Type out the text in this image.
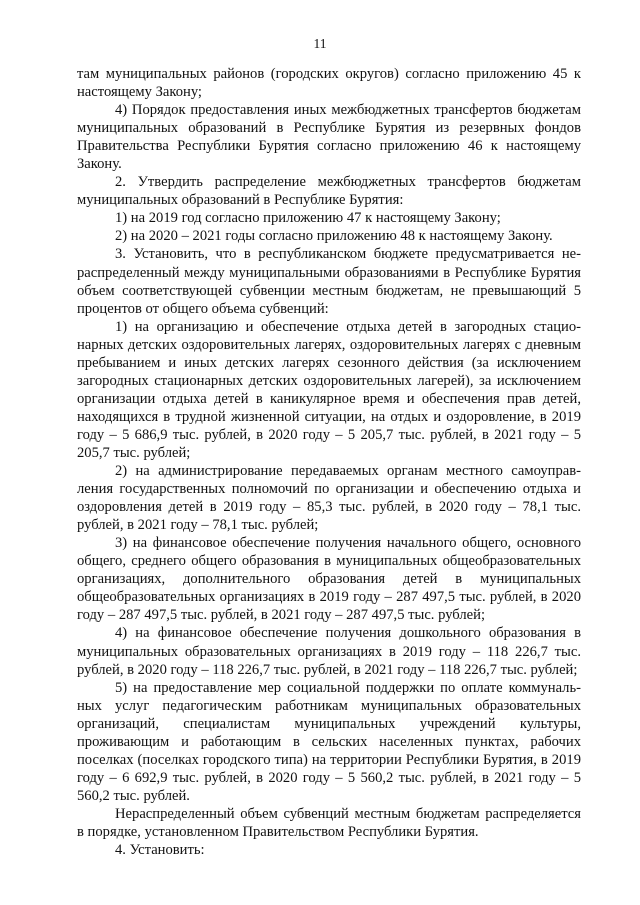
11

там муниципальных районов (городских округов) согласно приложению 45 к настоящему Закону;

4) Порядок предоставления иных межбюджетных трансфертов бюджетам муниципальных образований в Республике Бурятия из резервных фондов Правительства Республики Бурятия согласно приложению 46 к настоящему Закону.

2. Утвердить распределение межбюджетных трансфертов бюджетам муниципальных образований в Республике Бурятия:

1) на 2019 год согласно приложению 47 к настоящему Закону;

2) на 2020 – 2021 годы согласно приложению 48 к настоящему Закону.

3. Установить, что в республиканском бюджете предусматривается нераспределенный между муниципальными образованиями в Республике Бурятия объем соответствующей субвенции местным бюджетам, не превышающий 5 процентов от общего объема субвенций:

1) на организацию и обеспечение отдыха детей в загородных стационарных детских оздоровительных лагерях, оздоровительных лагерях с дневным пребыванием и иных детских лагерях сезонного действия (за исключением загородных стационарных детских оздоровительных лагерей), за исключением организации отдыха детей в каникулярное время и обеспечения прав детей, находящихся в трудной жизненной ситуации, на отдых и оздоровление, в 2019 году – 5 686,9 тыс. рублей, в 2020 году – 5 205,7 тыс. рублей, в 2021 году – 5 205,7 тыс. рублей;

2) на администрирование передаваемых органам местного самоуправления государственных полномочий по организации и обеспечению отдыха и оздоровления детей в 2019 году – 85,3 тыс. рублей, в 2020 году – 78,1 тыс. рублей, в 2021 году – 78,1 тыс. рублей;

3) на финансовое обеспечение получения начального общего, основного общего, среднего общего образования в муниципальных общеобразовательных организациях, дополнительного образования детей в муниципальных общеобразовательных организациях в 2019 году – 287 497,5 тыс. рублей, в 2020 году – 287 497,5 тыс. рублей, в 2021 году – 287 497,5 тыс. рублей;

4) на финансовое обеспечение получения дошкольного образования в муниципальных образовательных организациях в 2019 году – 118 226,7 тыс. рублей, в 2020 году – 118 226,7 тыс. рублей, в 2021 году – 118 226,7 тыс. рублей;

5) на предоставление мер социальной поддержки по оплате коммунальных услуг педагогическим работникам муниципальных образовательных организаций, специалистам муниципальных учреждений культуры, проживающим и работающим в сельских населенных пунктах, рабочих поселках (поселках городского типа) на территории Республики Бурятия, в 2019 году – 6 692,9 тыс. рублей, в 2020 году – 5 560,2 тыс. рублей, в 2021 году – 5 560,2 тыс. рублей.

Нераспределенный объем субвенций местным бюджетам распределяется в порядке, установленном Правительством Республики Бурятия.

4. Установить:
